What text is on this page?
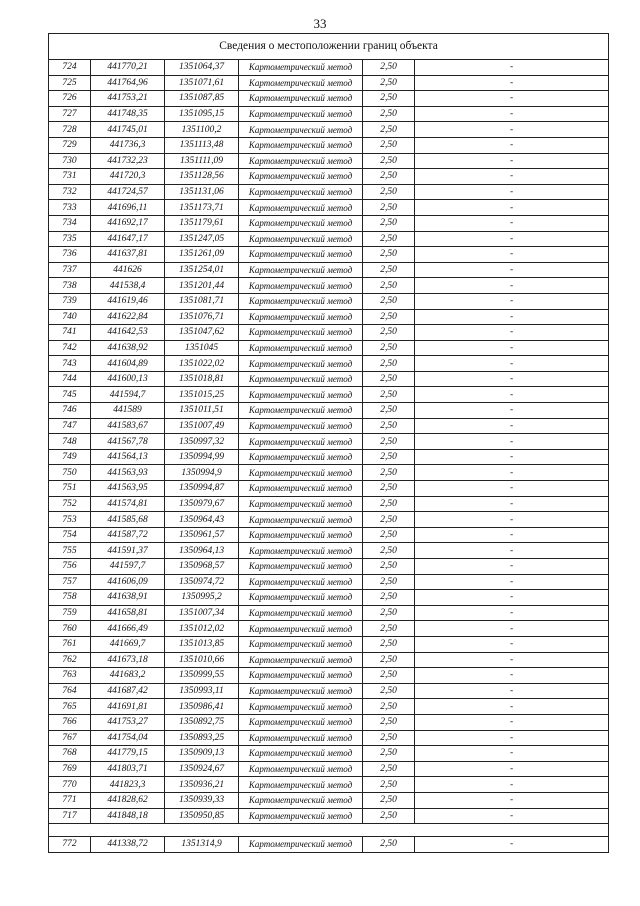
33
Сведения о местоположении границ объекта					
724	441770,21	1351064,37	Картометрический метод	2,50	-
725	441764,96	1351071,61	Картометрический метод	2,50	-
726	441753,21	1351087,85	Картометрический метод	2,50	-
727	441748,35	1351095,15	Картометрический метод	2,50	-
728	441745,01	1351100,2	Картометрический метод	2,50	-
729	441736,3	1351113,48	Картометрический метод	2,50	-
730	441732,23	1351111,09	Картометрический метод	2,50	-
731	441720,3	1351128,56	Картометрический метод	2,50	-
732	441724,57	1351131,06	Картометрический метод	2,50	-
733	441696,11	1351173,71	Картометрический метод	2,50	-
734	441692,17	1351179,61	Картометрический метод	2,50	-
735	441647,17	1351247,05	Картометрический метод	2,50	-
736	441637,81	1351261,09	Картометрический метод	2,50	-
737	441626	1351254,01	Картометрический метод	2,50	-
738	441538,4	1351201,44	Картометрический метод	2,50	-
739	441619,46	1351081,71	Картометрический метод	2,50	-
740	441622,84	1351076,71	Картометрический метод	2,50	-
741	441642,53	1351047,62	Картометрический метод	2,50	-
742	441638,92	1351045	Картометрический метод	2,50	-
743	441604,89	1351022,02	Картометрический метод	2,50	-
744	441600,13	1351018,81	Картометрический метод	2,50	-
745	441594,7	1351015,25	Картометрический метод	2,50	-
746	441589	1351011,51	Картометрический метод	2,50	-
747	441583,67	1351007,49	Картометрический метод	2,50	-
748	441567,78	1350997,32	Картометрический метод	2,50	-
749	441564,13	1350994,99	Картометрический метод	2,50	-
750	441563,93	1350994,9	Картометрический метод	2,50	-
751	441563,95	1350994,87	Картометрический метод	2,50	-
752	441574,81	1350979,67	Картометрический метод	2,50	-
753	441585,68	1350964,43	Картометрический метод	2,50	-
754	441587,72	1350961,57	Картометрический метод	2,50	-
755	441591,37	1350964,13	Картометрический метод	2,50	-
756	441597,7	1350968,57	Картометрический метод	2,50	-
757	441606,09	1350974,72	Картометрический метод	2,50	-
758	441638,91	1350995,2	Картометрический метод	2,50	-
759	441658,81	1351007,34	Картометрический метод	2,50	-
760	441666,49	1351012,02	Картометрический метод	2,50	-
761	441669,7	1351013,85	Картометрический метод	2,50	-
762	441673,18	1351010,66	Картометрический метод	2,50	-
763	441683,2	1350999,55	Картометрический метод	2,50	-
764	441687,42	1350993,11	Картометрический метод	2,50	-
765	441691,81	1350986,41	Картометрический метод	2,50	-
766	441753,27	1350892,75	Картометрический метод	2,50	-
767	441754,04	1350893,25	Картометрический метод	2,50	-
768	441779,15	1350909,13	Картометрический метод	2,50	-
769	441803,71	1350924,67	Картометрический метод	2,50	-
770	441823,3	1350936,21	Картометрический метод	2,50	-
771	441828,62	1350939,33	Картометрический метод	2,50	-
717	441848,18	1350950,85	Картометрический метод	2,50	-

772	441338,72	1351314,9	Картометрический метод	2,50	-
